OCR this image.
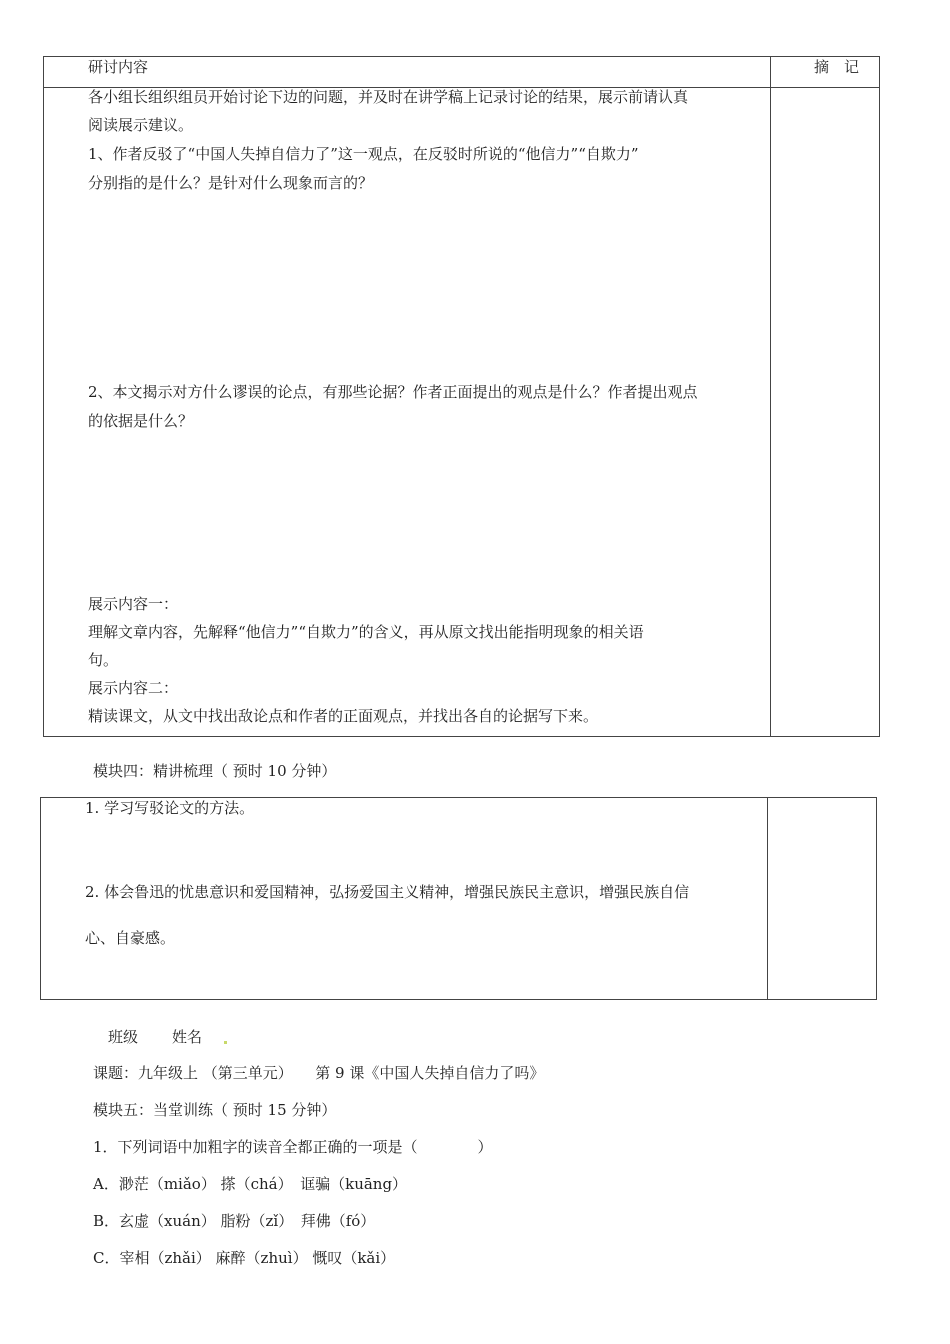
研讨内容	摘　记
各小组长组织组员开始讨论下边的问题，并及时在讲学稿上记录讨论的结果，展示前请认真
阅读展示建议。
1、作者反驳了“中国人失掉自信力了”这一观点，在反驳时所说的“他信力”“自欺力”
分别指的是什么？是针对什么现象而言的？
2、本文揭示对方什么谬误的论点，有那些论据？作者正面提出的观点是什么？作者提出观点
的依据是什么？
展示内容一：
理解文章内容，先解释“他信力”“自欺力”的含义，再从原文找出能指明现象的相关语
句。
展示内容二：
精读课文，从文中找出敌论点和作者的正面观点，并找出各自的论据写下来。
模块四：精讲梳理（ 预时 10 分钟）
1. 学习写驳论文的方法。
2. 体会鲁迅的忧患意识和爱国精神，弘扬爱国主义精神，增强民族民主意识，增强民族自信
心、自豪感。
班级 姓名
课题：九年级上 （第三单元）　　第 9 课《中国人失掉自信力了吗》
模块五：当堂训练（ 预时 15 分钟）
1．下列词语中加粗字的读音全都正确的一项是（　　　　）
A．渺茫（miǎo） 搽（chá）　诓骗（kuāng）
B．玄虚（xuán） 脂粉（zǐ）　拜佛（fó）
C．宰相（zhǎi） 麻醉（zhuì） 慨叹（kǎi）
